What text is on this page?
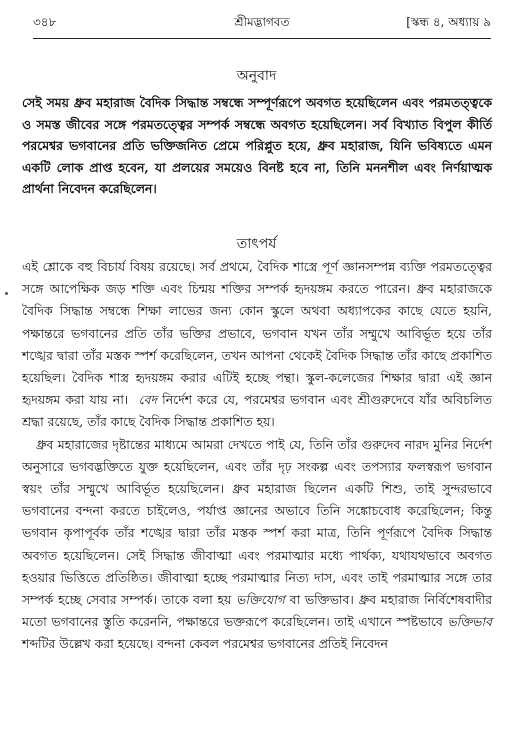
৩৪৮	শ্রীমদ্ভাগবত	[স্কন্ধ ৪, অধ্যায় ৯
অনুবাদ
সেই সময় ধ্রুব মহারাজ বৈদিক সিদ্ধান্ত সম্বন্ধে সম্পূর্ণরূপে অবগত হয়েছিলেন এবং পরমতত্ত্বকে ও সমস্ত জীবের সঙ্গে পরমতত্ত্বের সম্পর্ক সম্বন্ধে অবগত হয়েছিলেন। সর্ব বিখ্যাত বিপুল কীর্তি পরমেশ্বর ভগবানের প্রতি ভক্তিজনিত প্রেমে পরিপ্লুত হয়ে, ধ্রুব মহারাজ, যিনি ভবিষ্যতে এমন একটি লোক প্রাপ্ত হবেন, যা প্রলয়ের সময়েও বিনষ্ট হবে না, তিনি মননশীল এবং নির্ণয়াত্মক প্রার্থনা নিবেদন করেছিলেন।
তাৎপর্য

এই শ্লোকে বহু বিচার্য বিষয় রয়েছে। সর্ব প্রথমে, বৈদিক শাস্ত্রে পূর্ণ জ্ঞানসম্পন্ন ব্যক্তি পরমতত্ত্বের সঙ্গে আপেক্ষিক জড় শক্তি এবং চিন্ময় শক্তির সম্পর্ক হৃদয়ঙ্গম করতে পারেন। ধ্রুব মহারাজকে বৈদিক সিদ্ধান্ত সম্বন্ধে শিক্ষা লাভের জন্য কোন স্কুলে অথবা অধ্যাপকের কাছে যেতে হয়নি, পক্ষান্তরে ভগবানের প্রতি তাঁর ভক্তির প্রভাবে, ভগবান যখন তাঁর সম্মুখে আবির্ভূত হয়ে তাঁর শঙ্খের দ্বারা তাঁর মস্তক স্পর্শ করেছিলেন, তখন আপনা থেকেই বৈদিক সিদ্ধান্ত তাঁর কাছে প্রকাশিত হয়েছিল। বৈদিক শাস্ত্র হৃদয়ঙ্গম করার এটিই হচ্ছে পন্থা। স্কুল-কলেজের শিক্ষার দ্বারা এই জ্ঞান হৃদয়ঙ্গম করা যায় না। বেদ নির্দেশ করে যে, পরমেশ্বর ভগবান এবং শ্রীগুরুদেবে যাঁর অবিচলিত শ্রদ্ধা রয়েছে, তাঁর কাছে বৈদিক সিদ্ধান্ত প্রকাশিত হয়।

ধ্রুব মহারাজের দৃষ্টান্তের মাধ্যমে আমরা দেখতে পাই যে, তিনি তাঁর গুরুদেব নারদ মুনির নির্দেশ অনুসারে ভগবদ্ভক্তিতে যুক্ত হয়েছিলেন, এবং তাঁর দৃঢ় সংকল্প এবং তপস্যার ফলস্বরূপ ভগবান স্বয়ং তাঁর সম্মুখে আবির্ভূত হয়েছিলেন। ধ্রুব মহারাজ ছিলেন একটি শিশু, তাই সুন্দরভাবে ভগবানের বন্দনা করতে চাইলেও, পর্যাপ্ত জ্ঞানের অভাবে তিনি সঙ্কোচবোধ করেছিলেন; কিন্তু ভগবান কৃপাপূর্বক তাঁর শঙ্খের দ্বারা তাঁর মস্তক স্পর্শ করা মাত্র, তিনি পূর্ণরূপে বৈদিক সিদ্ধান্ত অবগত হয়েছিলেন। সেই সিদ্ধান্ত জীবাত্মা এবং পরমাত্মার মধ্যে পার্থক্য, যথাযথভাবে অবগত হওয়ার ভিত্তিতে প্রতিষ্ঠিত। জীবাত্মা হচ্ছে পরমাত্মার নিত্য দাস, এবং তাই পরমাত্মার সঙ্গে তার সম্পর্ক হচ্ছে সেবার সম্পর্ক। তাকে বলা হয় ভক্তিযোগ বা ভক্তিভাব। ধ্রুব মহারাজ নির্বিশেষবাদীর মতো ভগবানের স্তুতি করেননি, পক্ষান্তরে ভক্তরূপে করেছিলেন। তাই এখানে স্পষ্টভাবে ভক্তিভাব শব্দটির উল্লেখ করা হয়েছে। বন্দনা কেবল পরমেশ্বর ভগবানের প্রতিই নিবেদন
